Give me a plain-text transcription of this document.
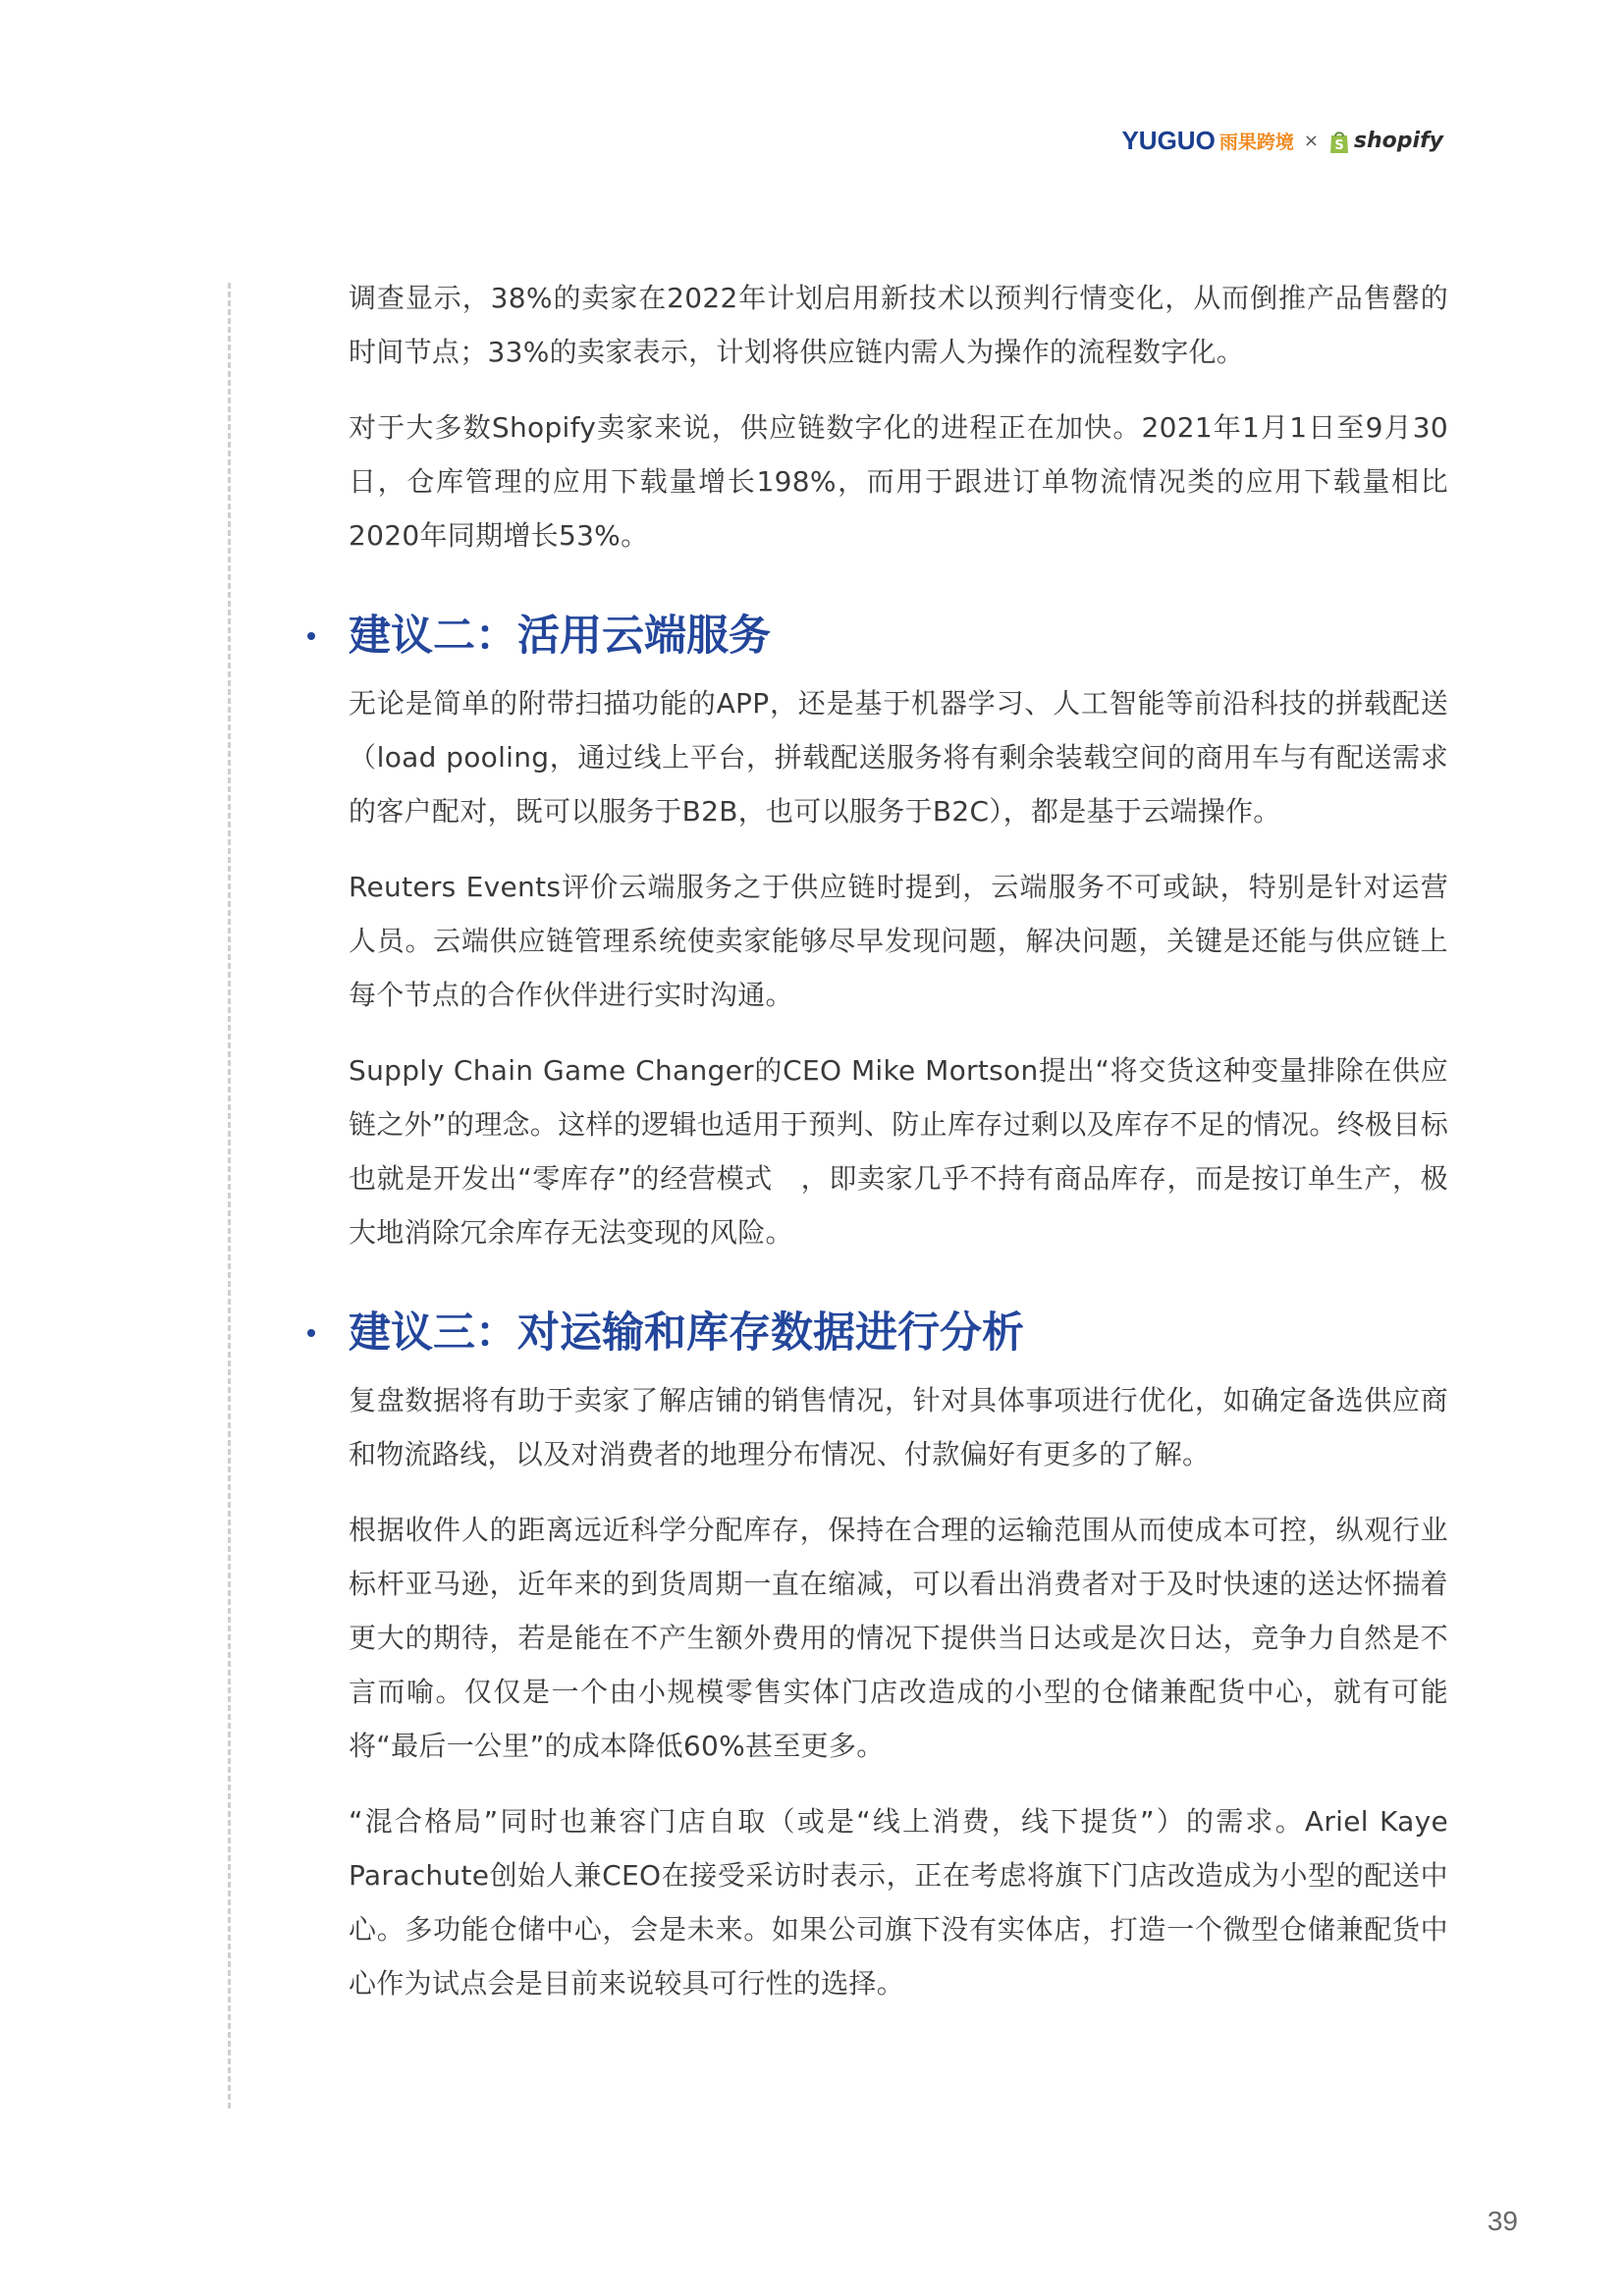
YUGUO 雨果跨境 × S shopify

调查显示，38%的卖家在2022年计划启用新技术以预判行情变化，从而倒推产品售罄的时间节点；33%的卖家表示，计划将供应链内需人为操作的流程数字化。

对于大多数Shopify卖家来说，供应链数字化的进程正在加快。2021年1月1日至9月30日，仓库管理的应用下载量增长198%，而用于跟进订单物流情况类的应用下载量相比2020年同期增长53%。

建议二：活用云端服务

无论是简单的附带扫描功能的APP，还是基于机器学习、人工智能等前沿科技的拼载配送（load pooling，通过线上平台，拼载配送服务将有剩余装载空间的商用车与有配送需求的客户配对，既可以服务于B2B，也可以服务于B2C），都是基于云端操作。

Reuters Events评价云端服务之于供应链时提到，云端服务不可或缺，特别是针对运营人员。云端供应链管理系统使卖家能够尽早发现问题，解决问题，关键是还能与供应链上每个节点的合作伙伴进行实时沟通。

Supply Chain Game Changer的CEO Mike Mortson提出“将交货这种变量排除在供应链之外”的理念。这样的逻辑也适用于预判、防止库存过剩以及库存不足的情况。终极目标也就是开发出“零库存”的经营模式　，即卖家几乎不持有商品库存，而是按订单生产，极大地消除冗余库存无法变现的风险。

建议三：对运输和库存数据进行分析

复盘数据将有助于卖家了解店铺的销售情况，针对具体事项进行优化，如确定备选供应商和物流路线，以及对消费者的地理分布情况、付款偏好有更多的了解。

根据收件人的距离远近科学分配库存，保持在合理的运输范围从而使成本可控，纵观行业标杆亚马逊，近年来的到货周期一直在缩减，可以看出消费者对于及时快速的送达怀揣着更大的期待，若是能在不产生额外费用的情况下提供当日达或是次日达，竞争力自然是不言而喻。仅仅是一个由小规模零售实体门店改造成的小型的仓储兼配货中心，就有可能将“最后一公里”的成本降低60%甚至更多。

“混合格局”同时也兼容门店自取（或是“线上消费，线下提货”）的需求。Ariel Kaye Parachute创始人兼CEO在接受采访时表示，正在考虑将旗下门店改造成为小型的配送中心。多功能仓储中心，会是未来。如果公司旗下没有实体店，打造一个微型仓储兼配货中心作为试点会是目前来说较具可行性的选择。

39
